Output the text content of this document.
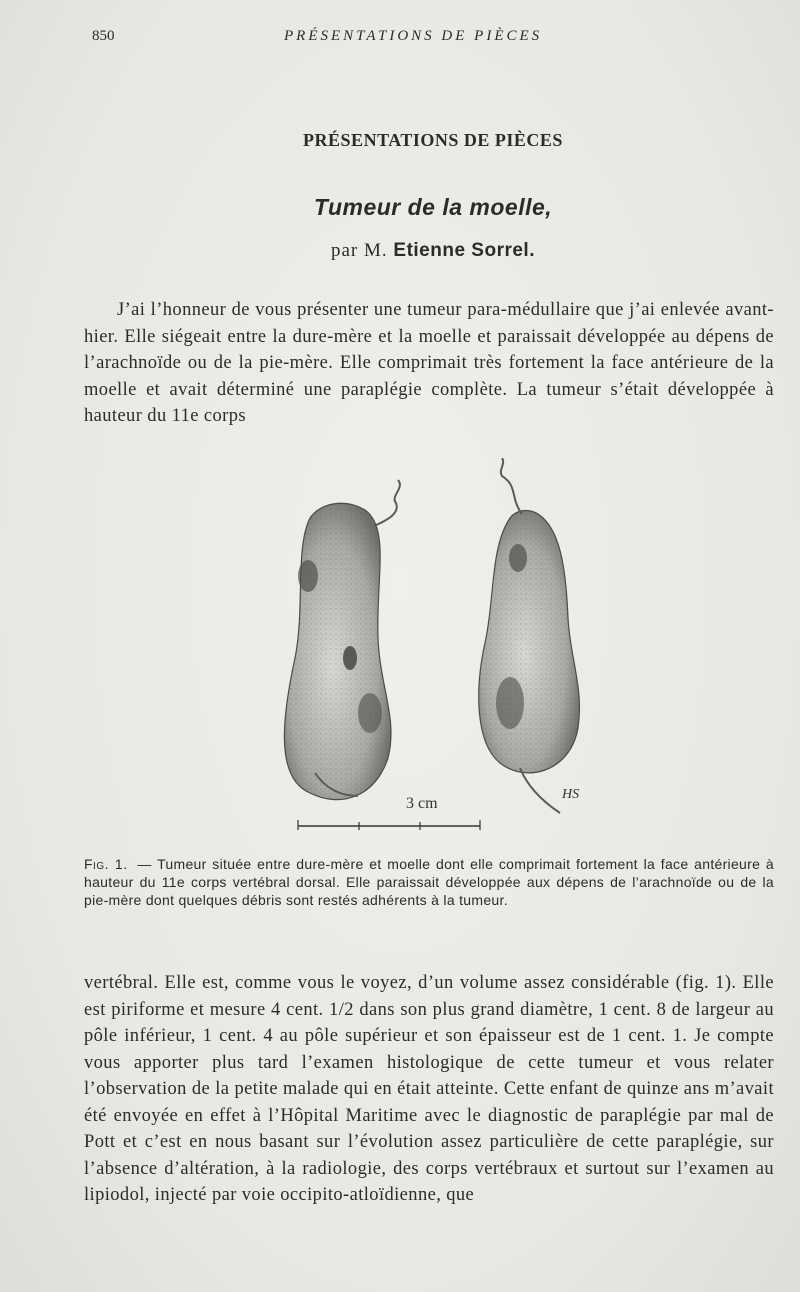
850	PRÉSENTATIONS DE PIÈCES
PRÉSENTATIONS DE PIÈCES
Tumeur de la moelle,
par M. Etienne Sorrel.
J’ai l’honneur de vous présenter une tumeur para-médullaire que j’ai enlevée avant-hier. Elle siégeait entre la dure-mère et la moelle et paraissait développée au dépens de l’arachnoïde ou de la pie-mère. Elle comprimait très fortement la face antérieure de la moelle et avait déterminé une paraplégie complète. La tumeur s’était développée à hauteur du 11e corps
3 cm
HS
Fig. 1. — Tumeur située entre dure-mère et moelle dont elle comprimait fortement la face antérieure à hauteur du 11e corps vertébral dorsal. Elle paraissait développée aux dépens de l’arachnoïde ou de la pie-mère dont quelques débris sont restés adhérents à la tumeur.
vertébral. Elle est, comme vous le voyez, d’un volume assez considérable (fig. 1). Elle est piriforme et mesure 4 cent. 1/2 dans son plus grand diamètre, 1 cent. 8 de largeur au pôle inférieur, 1 cent. 4 au pôle supérieur et son épaisseur est de 1 cent. 1. Je compte vous apporter plus tard l’examen histologique de cette tumeur et vous relater l’observation de la petite malade qui en était atteinte. Cette enfant de quinze ans m’avait été envoyée en effet à l’Hôpital Maritime avec le diagnostic de paraplégie par mal de Pott et c’est en nous basant sur l’évolution assez particulière de cette paraplégie, sur l’absence d’altération, à la radiologie, des corps vertébraux et surtout sur l’examen au lipiodol, injecté par voie occipito-atloïdienne, que
